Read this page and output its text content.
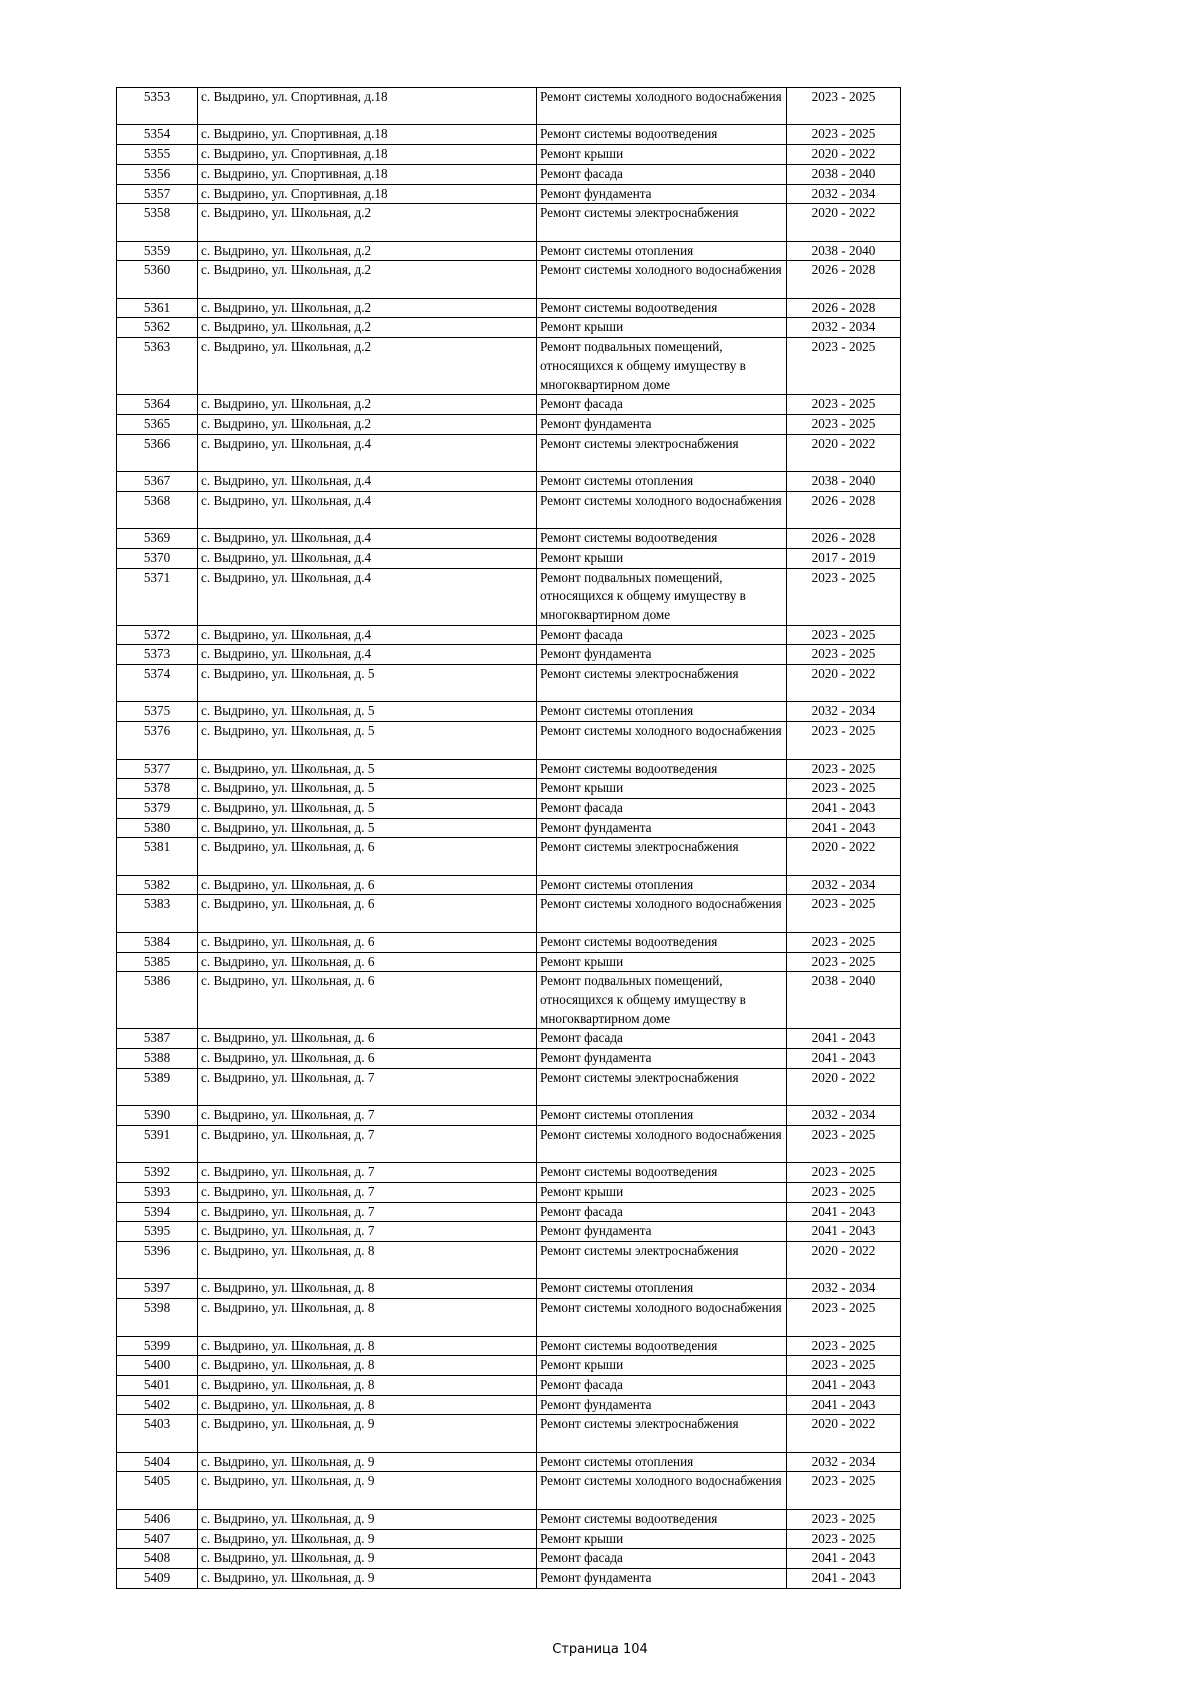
5353	с. Выдрино, ул. Спортивная, д.18	Ремонт системы холодного водоснабжения	2023 - 2025
5354	с. Выдрино, ул. Спортивная, д.18	Ремонт системы водоотведения	2023 - 2025
5355	с. Выдрино, ул. Спортивная, д.18	Ремонт крыши	2020 - 2022
5356	с. Выдрино, ул. Спортивная, д.18	Ремонт фасада	2038 - 2040
5357	с. Выдрино, ул. Спортивная, д.18	Ремонт фундамента	2032 - 2034
5358	с. Выдрино, ул. Школьная, д.2	Ремонт системы электроснабжения	2020 - 2022
5359	с. Выдрино, ул. Школьная, д.2	Ремонт системы отопления	2038 - 2040
5360	с. Выдрино, ул. Школьная, д.2	Ремонт системы холодного водоснабжения	2026 - 2028
5361	с. Выдрино, ул. Школьная, д.2	Ремонт системы водоотведения	2026 - 2028
5362	с. Выдрино, ул. Школьная, д.2	Ремонт крыши	2032 - 2034
5363	с. Выдрино, ул. Школьная, д.2	Ремонт подвальных помещений, относящихся к общему имуществу в многоквартирном доме	2023 - 2025
5364	с. Выдрино, ул. Школьная, д.2	Ремонт фасада	2023 - 2025
5365	с. Выдрино, ул. Школьная, д.2	Ремонт фундамента	2023 - 2025
5366	с. Выдрино, ул. Школьная, д.4	Ремонт системы электроснабжения	2020 - 2022
5367	с. Выдрино, ул. Школьная, д.4	Ремонт системы отопления	2038 - 2040
5368	с. Выдрино, ул. Школьная, д.4	Ремонт системы холодного водоснабжения	2026 - 2028
5369	с. Выдрино, ул. Школьная, д.4	Ремонт системы водоотведения	2026 - 2028
5370	с. Выдрино, ул. Школьная, д.4	Ремонт крыши	2017 - 2019
5371	с. Выдрино, ул. Школьная, д.4	Ремонт подвальных помещений, относящихся к общему имуществу в многоквартирном доме	2023 - 2025
5372	с. Выдрино, ул. Школьная, д.4	Ремонт фасада	2023 - 2025
5373	с. Выдрино, ул. Школьная, д.4	Ремонт фундамента	2023 - 2025
5374	с. Выдрино, ул. Школьная, д. 5	Ремонт системы электроснабжения	2020 - 2022
5375	с. Выдрино, ул. Школьная, д. 5	Ремонт системы отопления	2032 - 2034
5376	с. Выдрино, ул. Школьная, д. 5	Ремонт системы холодного водоснабжения	2023 - 2025
5377	с. Выдрино, ул. Школьная, д. 5	Ремонт системы водоотведения	2023 - 2025
5378	с. Выдрино, ул. Школьная, д. 5	Ремонт крыши	2023 - 2025
5379	с. Выдрино, ул. Школьная, д. 5	Ремонт фасада	2041 - 2043
5380	с. Выдрино, ул. Школьная, д. 5	Ремонт фундамента	2041 - 2043
5381	с. Выдрино, ул. Школьная, д. 6	Ремонт системы электроснабжения	2020 - 2022
5382	с. Выдрино, ул. Школьная, д. 6	Ремонт системы отопления	2032 - 2034
5383	с. Выдрино, ул. Школьная, д. 6	Ремонт системы холодного водоснабжения	2023 - 2025
5384	с. Выдрино, ул. Школьная, д. 6	Ремонт системы водоотведения	2023 - 2025
5385	с. Выдрино, ул. Школьная, д. 6	Ремонт крыши	2023 - 2025
5386	с. Выдрино, ул. Школьная, д. 6	Ремонт подвальных помещений, относящихся к общему имуществу в многоквартирном доме	2038 - 2040
5387	с. Выдрино, ул. Школьная, д. 6	Ремонт фасада	2041 - 2043
5388	с. Выдрино, ул. Школьная, д. 6	Ремонт фундамента	2041 - 2043
5389	с. Выдрино, ул. Школьная, д. 7	Ремонт системы электроснабжения	2020 - 2022
5390	с. Выдрино, ул. Школьная, д. 7	Ремонт системы отопления	2032 - 2034
5391	с. Выдрино, ул. Школьная, д. 7	Ремонт системы холодного водоснабжения	2023 - 2025
5392	с. Выдрино, ул. Школьная, д. 7	Ремонт системы водоотведения	2023 - 2025
5393	с. Выдрино, ул. Школьная, д. 7	Ремонт крыши	2023 - 2025
5394	с. Выдрино, ул. Школьная, д. 7	Ремонт фасада	2041 - 2043
5395	с. Выдрино, ул. Школьная, д. 7	Ремонт фундамента	2041 - 2043
5396	с. Выдрино, ул. Школьная, д. 8	Ремонт системы электроснабжения	2020 - 2022
5397	с. Выдрино, ул. Школьная, д. 8	Ремонт системы отопления	2032 - 2034
5398	с. Выдрино, ул. Школьная, д. 8	Ремонт системы холодного водоснабжения	2023 - 2025
5399	с. Выдрино, ул. Школьная, д. 8	Ремонт системы водоотведения	2023 - 2025
5400	с. Выдрино, ул. Школьная, д. 8	Ремонт крыши	2023 - 2025
5401	с. Выдрино, ул. Школьная, д. 8	Ремонт фасада	2041 - 2043
5402	с. Выдрино, ул. Школьная, д. 8	Ремонт фундамента	2041 - 2043
5403	с. Выдрино, ул. Школьная, д. 9	Ремонт системы электроснабжения	2020 - 2022
5404	с. Выдрино, ул. Школьная, д. 9	Ремонт системы отопления	2032 - 2034
5405	с. Выдрино, ул. Школьная, д. 9	Ремонт системы холодного водоснабжения	2023 - 2025
5406	с. Выдрино, ул. Школьная, д. 9	Ремонт системы водоотведения	2023 - 2025
5407	с. Выдрино, ул. Школьная, д. 9	Ремонт крыши	2023 - 2025
5408	с. Выдрино, ул. Школьная, д. 9	Ремонт фасада	2041 - 2043
5409	с. Выдрино, ул. Школьная, д. 9	Ремонт фундамента	2041 - 2043
Страница 104
